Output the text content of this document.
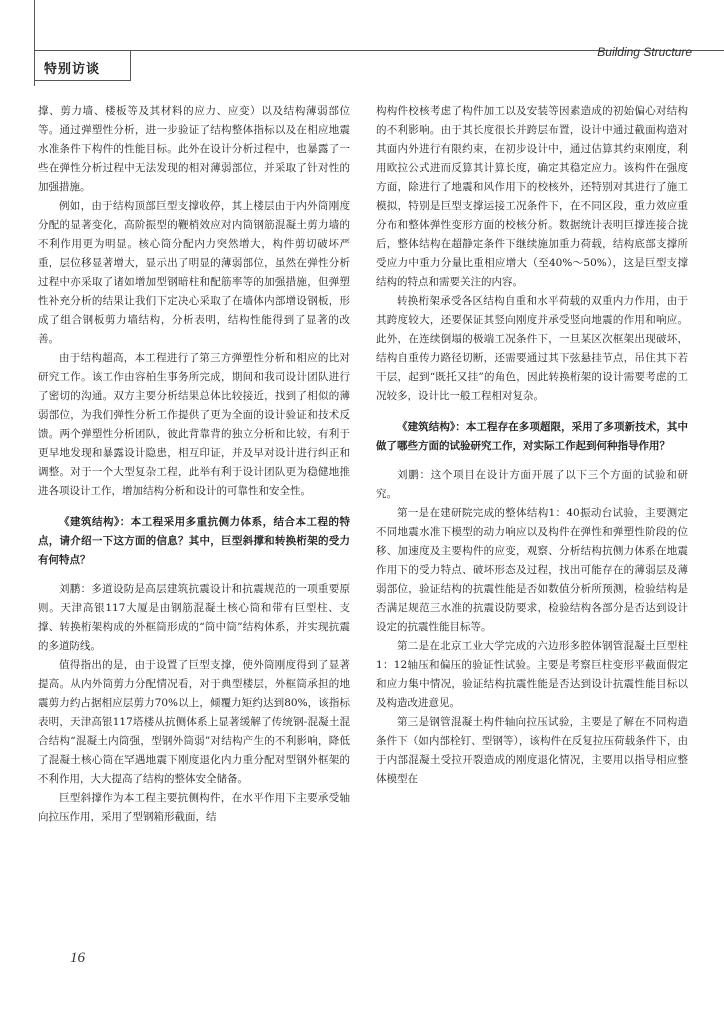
特别访谈
Building Structure

撑、剪力墙、楼板等及其材料的应力、应变）以及结构薄弱部位等。通过弹塑性分析，进一步验证了结构整体指标以及在相应地震水准条件下构件的性能目标。此外在设计分析过程中，也暴露了一些在弹性分析过程中无法发现的相对薄弱部位，并采取了针对性的加强措施。

例如，由于结构顶部巨型支撑收停，其上楼层由于内外筒刚度分配的显著变化，高阶振型的鞭梢效应对内筒钢筋混凝土剪力墙的不利作用更为明显。核心筒分配内力突然增大，构件剪切破坏严重，层位移显著增大，显示出了明显的薄弱部位，虽然在弹性分析过程中亦采取了诸如增加型钢暗柱和配筋率等的加强措施，但弹塑性补充分析的结果让我们下定决心采取了在墙体内部增设钢板，形成了组合钢板剪力墙结构，分析表明，结构性能得到了显著的改善。

由于结构超高，本工程进行了第三方弹塑性分析和相应的比对研究工作。该工作由容柏生事务所完成，期间和我司设计团队进行了密切的沟通。双方主要分析结果总体比较接近，找到了相似的薄弱部位，为我们弹性分析工作提供了更为全面的设计验证和技术反馈。两个弹塑性分析团队，彼此背靠背的独立分析和比较，有利于更早地发现和暴露设计隐患，相互印证，并及早对设计进行纠正和调整。对于一个大型复杂工程，此举有利于设计团队更为稳健地推进各项设计工作，增加结构分析和设计的可靠性和安全性。

《建筑结构》：本工程采用多重抗侧力体系，结合本工程的特点，请介绍一下这方面的信息？其中，巨型斜撑和转换桁架的受力有何特点？

刘鹏：多道设防是高层建筑抗震设计和抗震规范的一项重要原则。天津高银117大厦是由钢筋混凝土核心筒和带有巨型柱、支撑、转换桁架构成的外框筒形成的“筒中筒”结构体系，并实现抗震的多道防线。

值得指出的是，由于设置了巨型支撑，使外筒刚度得到了显著提高。从内外筒剪力分配情况看，对于典型楼层，外框筒承担的地震剪力约占据相应层剪力70%以上，倾覆力矩约达到80%，该指标表明，天津高银117塔楼从抗侧体系上显著缓解了传统钢-混凝土混合结构“混凝土内筒强，型钢外筒弱”对结构产生的不利影响，降低了混凝土核心筒在罕遇地震下刚度退化内力重分配对型钢外框架的不利作用，大大提高了结构的整体安全储备。

巨型斜撑作为本工程主要抗侧构件，在水平作用下主要承受轴向拉压作用，采用了型钢箱形截面，结

构构件校核考虑了构件加工以及安装等因素造成的初始偏心对结构的不利影响。由于其长度很长并跨层布置，设计中通过截面构造对其面内外进行有限约束，在初步设计中，通过估算其约束刚度，利用欧拉公式进而反算其计算长度，确定其稳定应力。该构件在强度方面，除进行了地震和风作用下的校核外，还特别对其进行了施工模拟，特别是巨型支撑运接工况条件下，在不同区段，重力效应重分布和整体弹性变形方面的校核分析。数据统计表明巨撑连接合拢后，整体结构在超静定条件下继续施加重力荷载，结构底部支撑所受应力中重力分量比重相应增大（至40%～50%），这是巨型支撑结构的特点和需要关注的内容。

转换桁架承受各区结构自重和水平荷载的双重内力作用，由于其跨度较大，还要保证其竖向刚度并承受竖向地震的作用和响应。此外，在连续倒塌的极端工况条件下，一旦某区次框架出现破坏，结构自重传力路径切断，还需要通过其下弦悬挂节点，吊住其下若干层，起到“既托又挂”的角色，因此转换桁架的设计需要考虑的工况较多，设计比一般工程相对复杂。

《建筑结构》：本工程存在多项超限，采用了多项新技术，其中做了哪些方面的试验研究工作，对实际工作起到何种指导作用？

刘鹏：这个项目在设计方面开展了以下三个方面的试验和研究。

第一是在建研院完成的整体结构1：40振动台试验，主要测定不同地震水准下模型的动力响应以及构件在弹性和弹塑性阶段的位移、加速度及主要构件的应变，观察、分析结构抗侧力体系在地震作用下的受力特点、破坏形态及过程，找出可能存在的薄弱层及薄弱部位，验证结构的抗震性能是否如数值分析所预测，检验结构是否满足规范三水准的抗震设防要求，检验结构各部分是否达到设计设定的抗震性能目标等。

第二是在北京工业大学完成的六边形多腔体钢管混凝土巨型柱1：12轴压和偏压的验证性试验。主要是考察巨柱变形平截面假定和应力集中情况，验证结构抗震性能是否达到设计抗震性能目标以及构造改进意见。

第三是钢管混凝土构件轴向拉压试验，主要是了解在不同构造条件下（如内部栓钉、型钢等），该构件在反复拉压荷载条件下，由于内部混凝土受拉开裂造成的刚度退化情况，主要用以指导相应整体模型在

16
